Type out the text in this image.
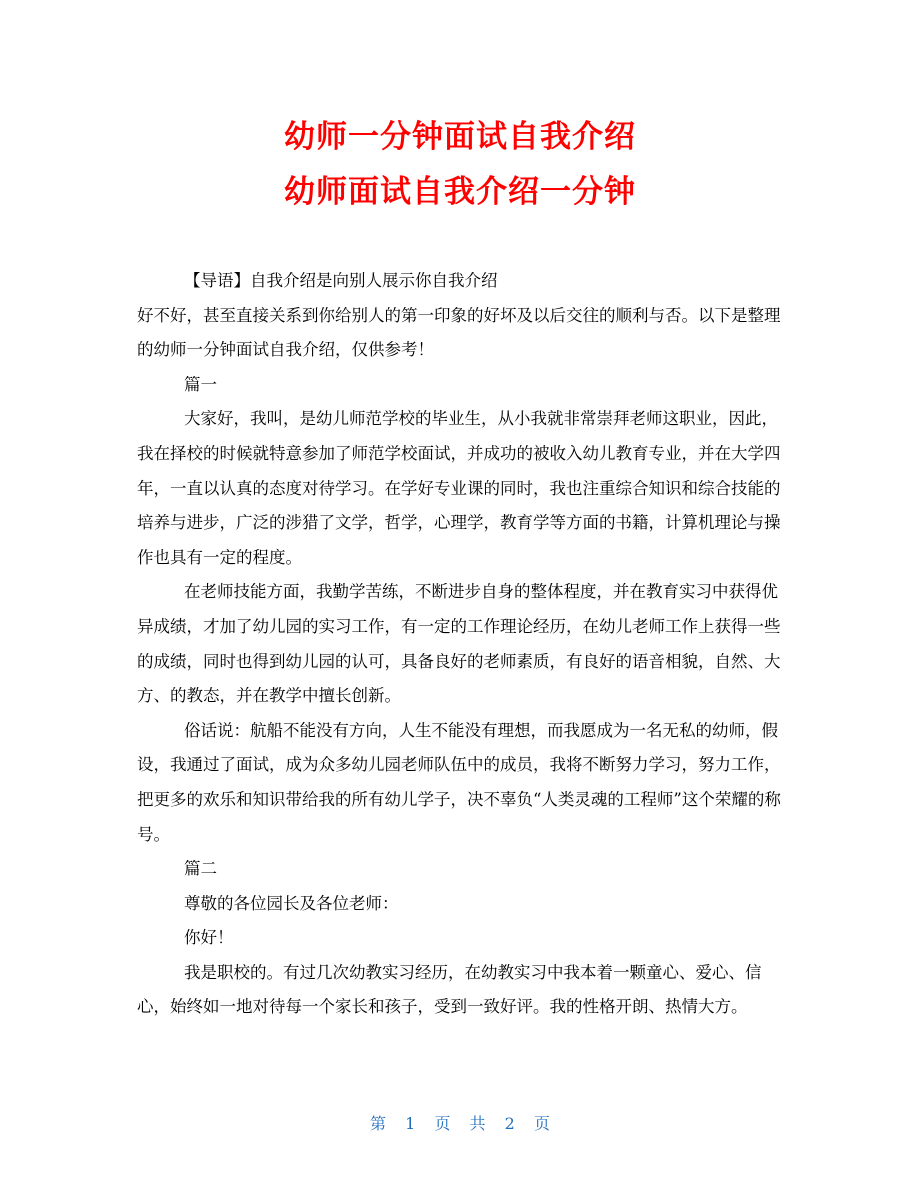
幼师一分钟面试自我介绍
幼师面试自我介绍一分钟

【导语】自我介绍是向别人展示你自我介绍
好不好，甚至直接关系到你给别人的第一印象的好坏及以后交往的顺利与否。以下是整理的幼师一分钟面试自我介绍，仅供参考！

篇一

大家好，我叫，是幼儿师范学校的毕业生，从小我就非常崇拜老师这职业，因此，我在择校的时候就特意参加了师范学校面试，并成功的被收入幼儿教育专业，并在大学四年，一直以认真的态度对待学习。在学好专业课的同时，我也注重综合知识和综合技能的培养与进步，广泛的涉猎了文学，哲学，心理学，教育学等方面的书籍，计算机理论与操作也具有一定的程度。

在老师技能方面，我勤学苦练，不断进步自身的整体程度，并在教育实习中获得优异成绩，才加了幼儿园的实习工作，有一定的工作理论经历，在幼儿老师工作上获得一些的成绩，同时也得到幼儿园的认可，具备良好的老师素质，有良好的语音相貌，自然、大方、的教态，并在教学中擅长创新。

俗话说：航船不能没有方向，人生不能没有理想，而我愿成为一名无私的幼师，假设，我通过了面试，成为众多幼儿园老师队伍中的成员，我将不断努力学习，努力工作，把更多的欢乐和知识带给我的所有幼儿学子，决不辜负“人类灵魂的工程师”这个荣耀的称号。

篇二

尊敬的各位园长及各位老师：

你好！

我是职校的。有过几次幼教实习经历，在幼教实习中我本着一颗童心、爱心、信心，始终如一地对待每一个家长和孩子，受到一致好评。我的性格开朗、热情大方。

第 1 页 共 2 页
